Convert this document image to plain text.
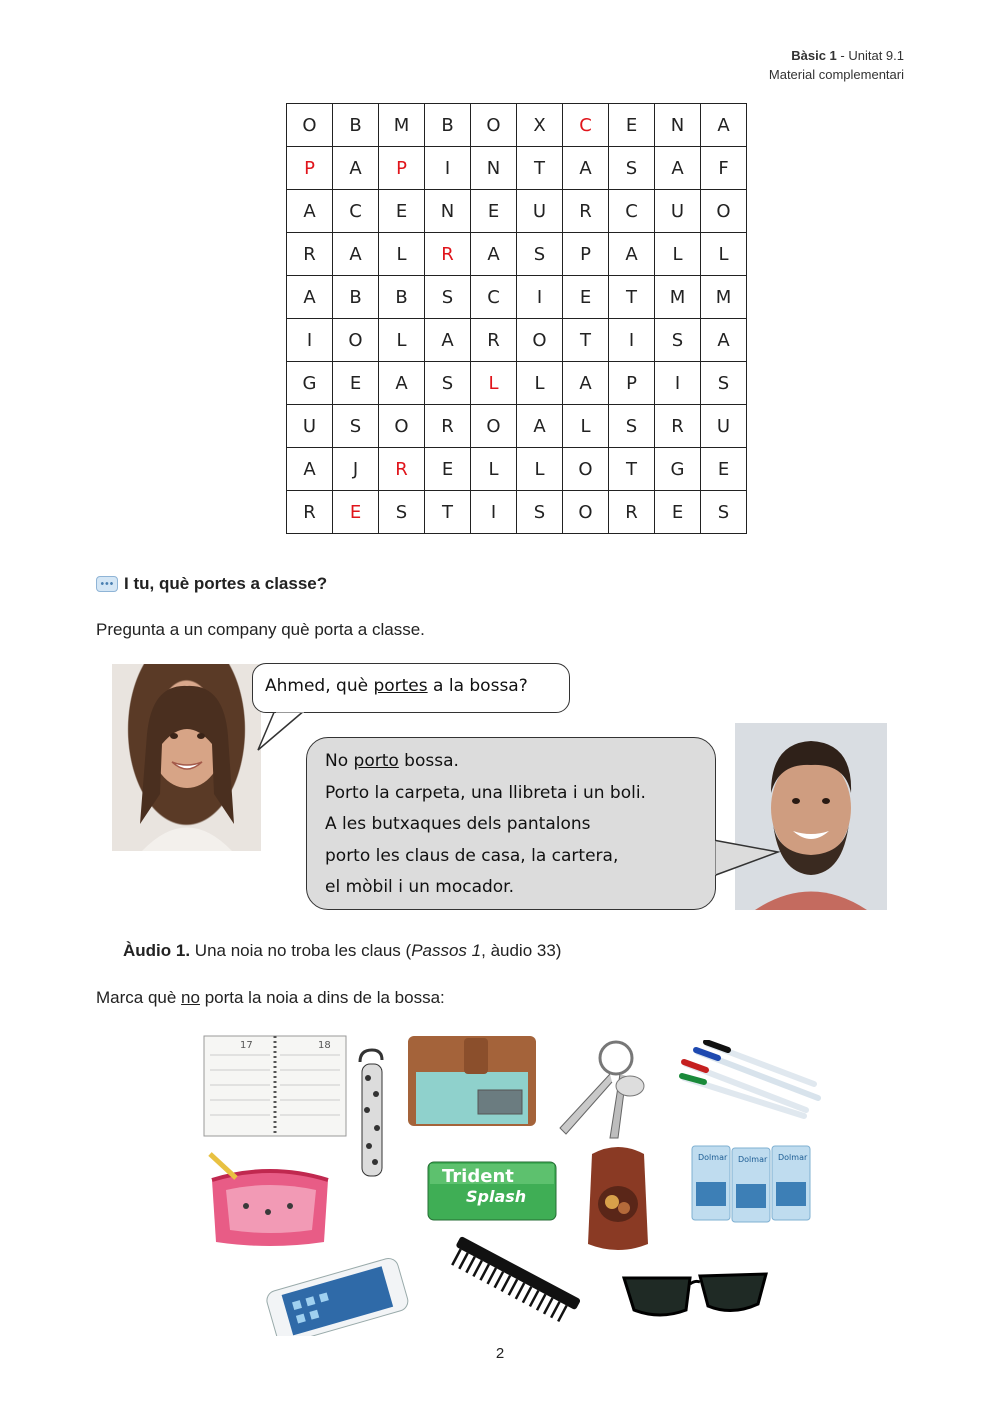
Bàsic 1 - Unitat 9.1
Material complementari
O	B	M	B	O	X	C	E	N	A
P	A	P	I	N	T	A	S	A	F
A	C	E	N	E	U	R	C	U	O
R	A	L	R	A	S	P	A	L	L
A	B	B	S	C	I	E	T	M	M
I	O	L	A	R	O	T	I	S	A
G	E	A	S	L	L	A	P	I	S
U	S	O	R	O	A	L	S	R	U
A	J	R	E	L	L	O	T	G	E
R	E	S	T	I	S	O	R	E	S
I tu, què portes a classe?
Pregunta a un company què porta a classe.
Ahmed, què portes a la bossa?
No porto bossa.
Porto la carpeta, una llibreta i un boli.
A les butxaques dels pantalons
porto les claus de casa, la cartera,
el mòbil i un mocador.
Àudio 1. Una noia no troba les claus (Passos 1, àudio 33)
Marca què no porta la noia a dins de la bossa:
17	18
Trident
Splash
Dolmar Dolmar Dolmar
2
